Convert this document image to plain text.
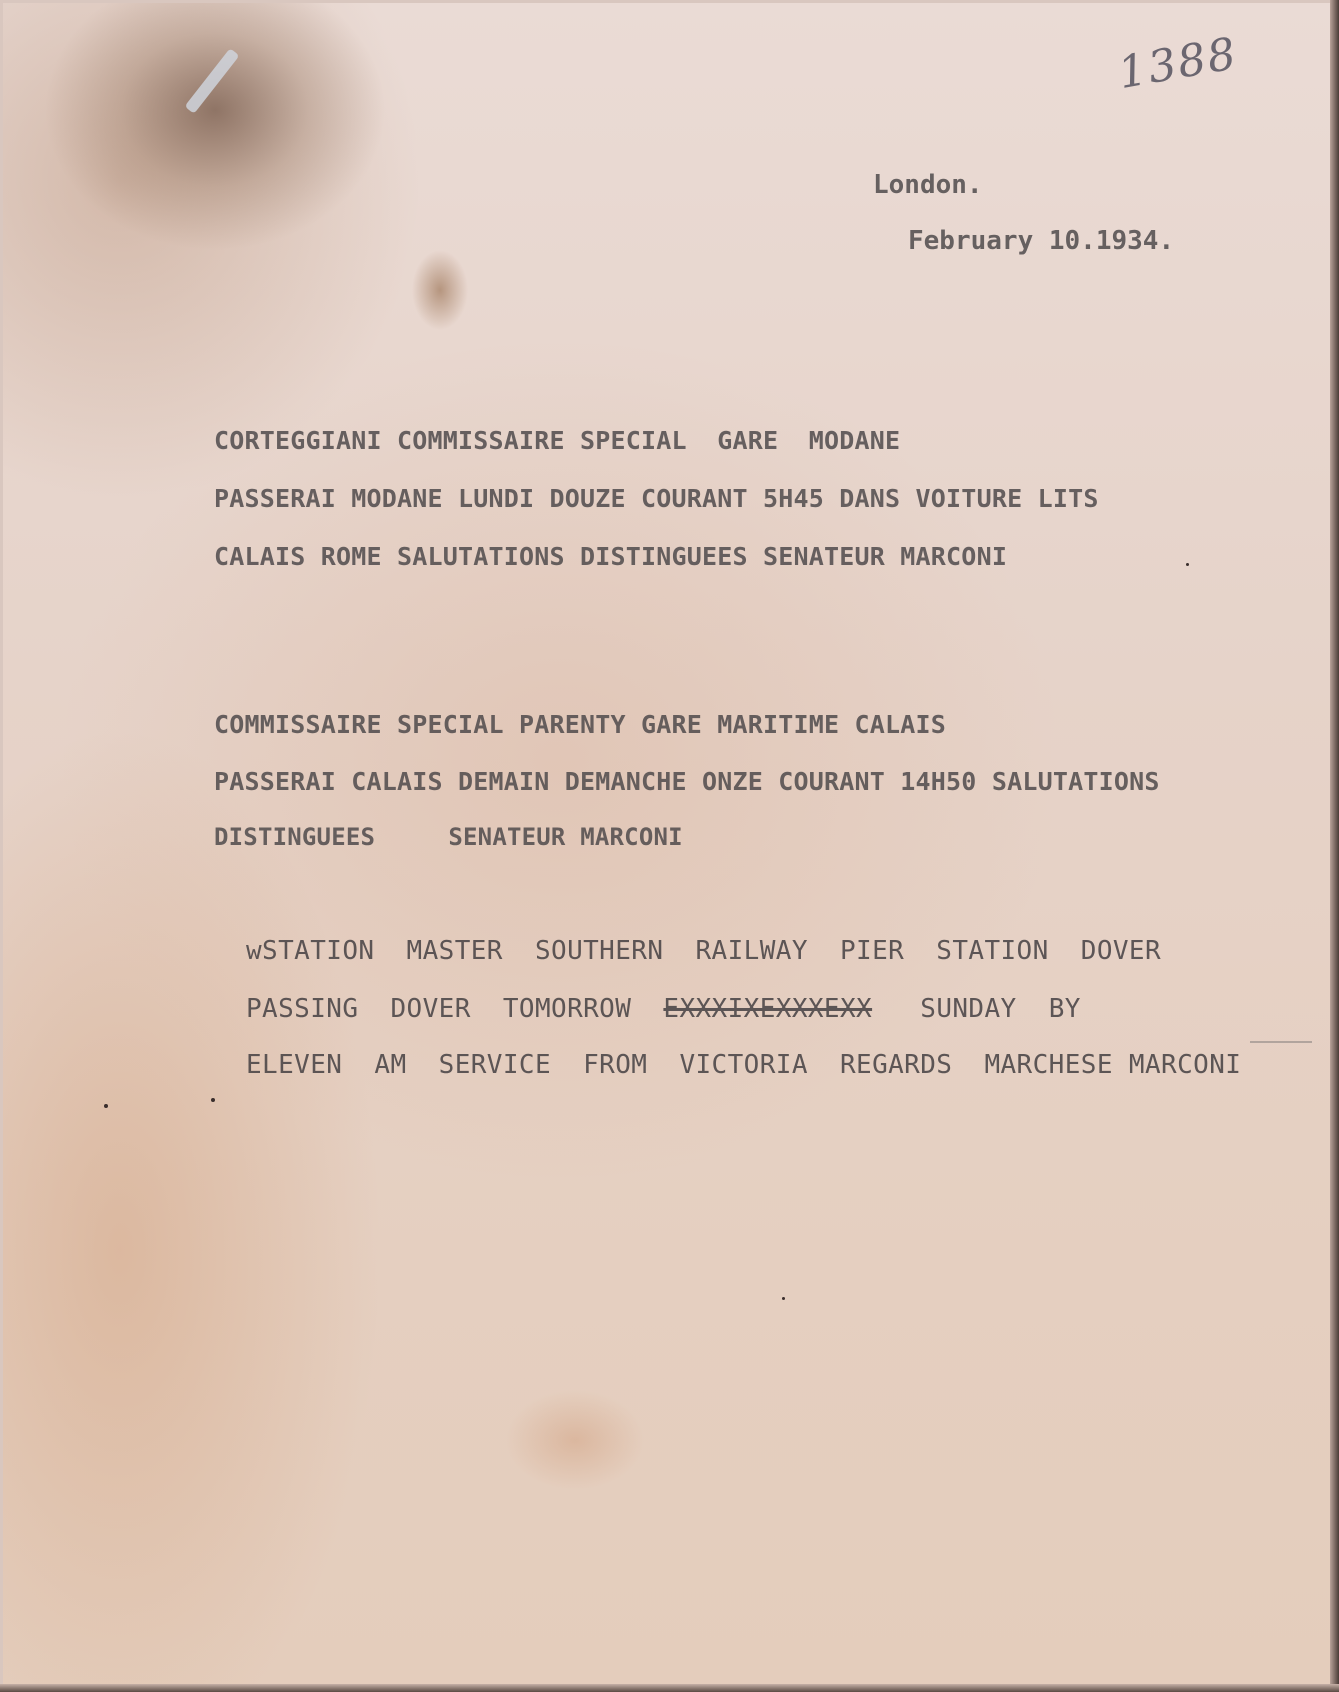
1388
London.
February 10.1934.
CORTEGGIANI COMMISSAIRE SPECIAL  GARE  MODANE
PASSERAI MODANE LUNDI DOUZE COURANT 5H45 DANS VOITURE LITS
CALAIS ROME SALUTATIONS DISTINGUEES SENATEUR MARCONI
COMMISSAIRE SPECIAL PARENTY GARE MARITIME CALAIS
PASSERAI CALAIS DEMAIN DEMANCHE ONZE COURANT 14H50 SALUTATIONS
DISTINGUEES     SENATEUR MARCONI
wSTATION  MASTER  SOUTHERN  RAILWAY  PIER  STATION  DOVER
PASSING  DOVER  TOMORROW EXXXIXEXXXEXX SUNDAY  BY
ELEVEN  AM  SERVICE  FROM  VICTORIA  REGARDS  MARCHESE MARCONI
